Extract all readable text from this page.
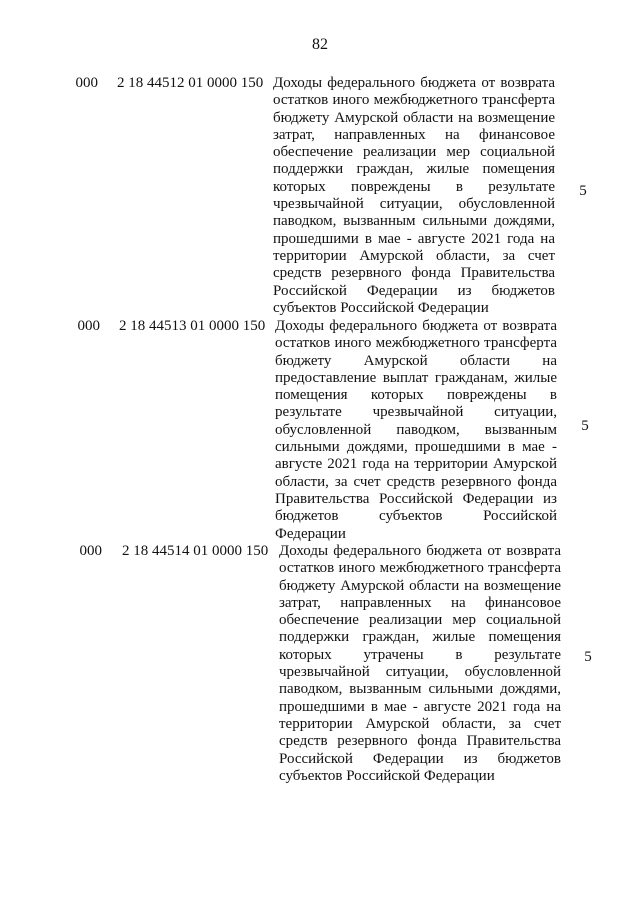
82
000 2 18 44512 01 0000 150 Доходы федерального бюджета от возврата остатков иного межбюджетного трансферта бюджету Амурской области на возмещение затрат, направленных на финансовое обеспечение реализации мер социальной поддержки граждан, жилые помещения которых повреждены в результате чрезвычайной ситуации, обусловленной паводком, вызванным сильными дождями, прошедшими в мае - августе 2021 года на территории Амурской области, за счет средств резервного фонда Правительства Российской Федерации из бюджетов субъектов Российской Федерации
5
000 2 18 44513 01 0000 150 Доходы федерального бюджета от возврата остатков иного межбюджетного трансферта бюджету Амурской области на предоставление выплат гражданам, жилые помещения которых повреждены в результате чрезвычайной ситуации, обусловленной паводком, вызванным сильными дождями, прошедшими в мае - августе 2021 года на территории Амурской области, за счет средств резервного фонда Правительства Российской Федерации из бюджетов субъектов Российской Федерации
5
000 2 18 44514 01 0000 150 Доходы федерального бюджета от возврата остатков иного межбюджетного трансферта бюджету Амурской области на возмещение затрат, направленных на финансовое обеспечение реализации мер социальной поддержки граждан, жилые помещения которых утрачены в результате чрезвычайной ситуации, обусловленной паводком, вызванным сильными дождями, прошедшими в мае - августе 2021 года на территории Амурской области, за счет средств резервного фонда Правительства Российской Федерации из бюджетов субъектов Российской Федерации
5
